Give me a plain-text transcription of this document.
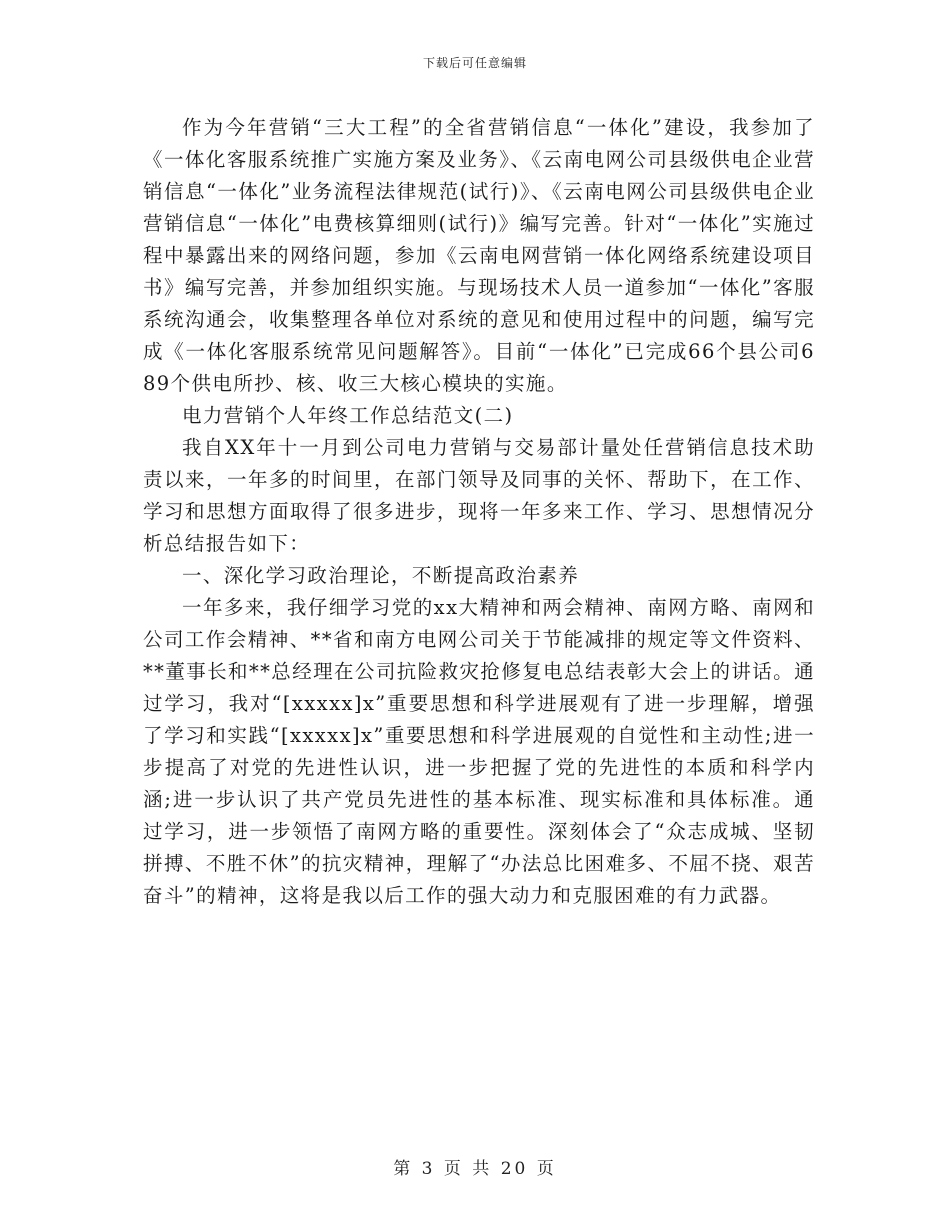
下载后可任意编辑

作为今年营销“三大工程”的全省营销信息“一体化”建设，我参加了《一体化客服系统推广实施方案及业务》、《云南电网公司县级供电企业营销信息“一体化”业务流程法律规范(试行)》、《云南电网公司县级供电企业营销信息“一体化”电费核算细则(试行)》编写完善。针对“一体化”实施过程中暴露出来的网络问题，参加《云南电网营销一体化网络系统建设项目书》编写完善，并参加组织实施。与现场技术人员一道参加“一体化”客服系统沟通会，收集整理各单位对系统的意见和使用过程中的问题，编写完成《一体化客服系统常见问题解答》。目前“一体化”已完成66个县公司689个供电所抄、核、收三大核心模块的实施。

电力营销个人年终工作总结范文(二)

我自XX年十一月到公司电力营销与交易部计量处任营销信息技术助责以来，一年多的时间里，在部门领导及同事的关怀、帮助下，在工作、学习和思想方面取得了很多进步，现将一年多来工作、学习、思想情况分析总结报告如下：

一、深化学习政治理论，不断提高政治素养

一年多来，我仔细学习党的xx大精神和两会精神、南网方略、南网和公司工作会精神、**省和南方电网公司关于节能减排的规定等文件资料、**董事长和**总经理在公司抗险救灾抢修复电总结表彰大会上的讲话。通过学习，我对“[xxxxx]x”重要思想和科学进展观有了进一步理解，增强了学习和实践“[xxxxx]x”重要思想和科学进展观的自觉性和主动性;进一步提高了对党的先进性认识，进一步把握了党的先进性的本质和科学内涵;进一步认识了共产党员先进性的基本标准、现实标准和具体标准。通过学习，进一步领悟了南网方略的重要性。深刻体会了“众志成城、坚韧拼搏、不胜不休”的抗灾精神，理解了“办法总比困难多、不屈不挠、艰苦奋斗”的精神，这将是我以后工作的强大动力和克服困难的有力武器。

第 3 页 共 20 页
